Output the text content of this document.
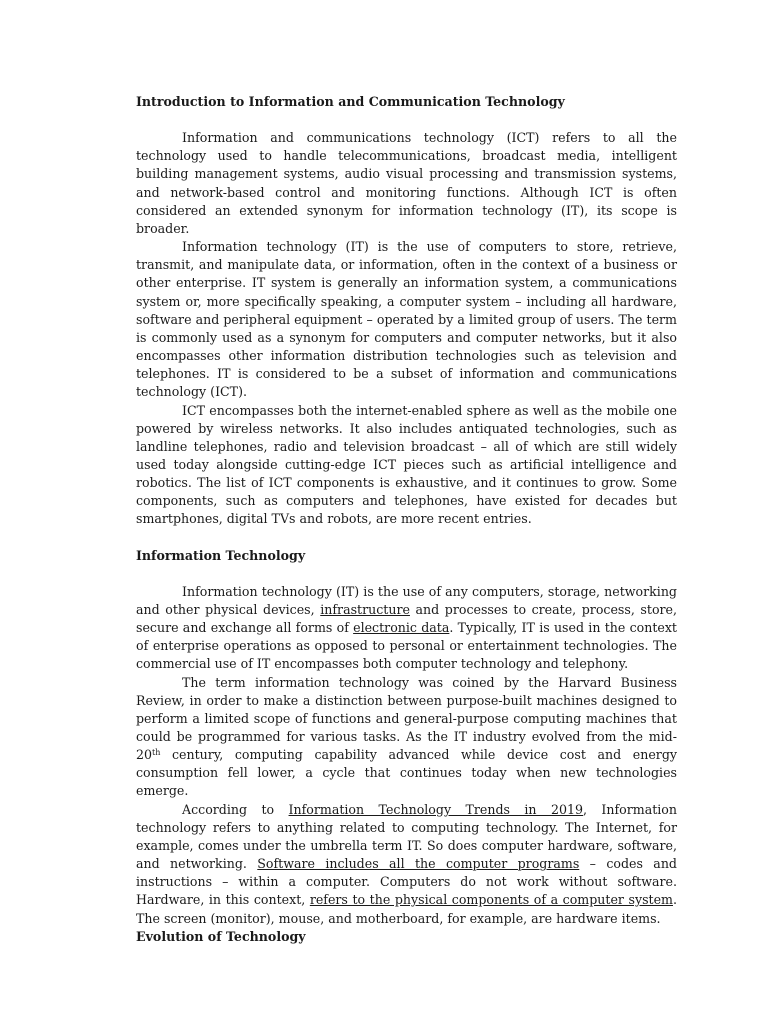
Introduction to Information and Communication Technology

Information and communications technology (ICT) refers to all the technology used to handle telecommunications, broadcast media, intelligent building management systems, audio visual processing and transmission systems, and network-based control and monitoring functions. Although ICT is often considered an extended synonym for information technology (IT), its scope is broader.

Information technology (IT) is the use of computers to store, retrieve, transmit, and manipulate data, or information, often in the context of a business or other enterprise. IT system is generally an information system, a communications system or, more specifically speaking, a computer system – including all hardware, software and peripheral equipment – operated by a limited group of users. The term is commonly used as a synonym for computers and computer networks, but it also encompasses other information distribution technologies such as television and telephones. IT is considered to be a subset of information and communications technology (ICT).

ICT encompasses both the internet-enabled sphere as well as the mobile one powered by wireless networks. It also includes antiquated technologies, such as landline telephones, radio and television broadcast – all of which are still widely used today alongside cutting-edge ICT pieces such as artificial intelligence and robotics. The list of ICT components is exhaustive, and it continues to grow. Some components, such as computers and telephones, have existed for decades but smartphones, digital TVs and robots, are more recent entries.

Information Technology

Information technology (IT) is the use of any computers, storage, networking and other physical devices, infrastructure and processes to create, process, store, secure and exchange all forms of electronic data. Typically, IT is used in the context of enterprise operations as opposed to personal or entertainment technologies. The commercial use of IT encompasses both computer technology and telephony.

The term information technology was coined by the Harvard Business Review, in order to make a distinction between purpose-built machines designed to perform a limited scope of functions and general-purpose computing machines that could be programmed for various tasks. As the IT industry evolved from the mid-20th century, computing capability advanced while device cost and energy consumption fell lower, a cycle that continues today when new technologies emerge.

According to Information Technology Trends in 2019, Information technology refers to anything related to computing technology. The Internet, for example, comes under the umbrella term IT. So does computer hardware, software, and networking. Software includes all the computer programs – codes and instructions – within a computer. Computers do not work without software. Hardware, in this context, refers to the physical components of a computer system. The screen (monitor), mouse, and motherboard, for example, are hardware items.

Evolution of Technology
